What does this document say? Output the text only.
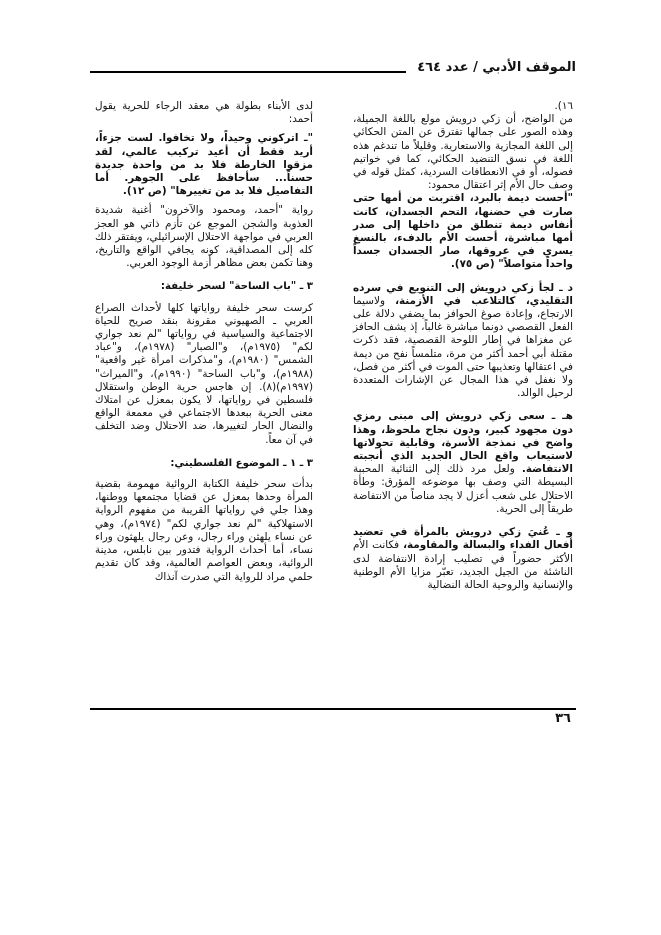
الموقف الأدبي / عدد ٤٦٤

١٦).

من الواضح، أن زكي درويش مولع باللغة الجميلة، وهذه الصور على جمالها تفترق عن المتن الحكائي إلى اللغة المجازية والاستعارية. وقليلاً ما تندغم هذه اللغة في نسق التنضيد الحكائي، كما في خواتيم فصوله، أو في الانعطافات السردية، كمثل قوله في وصف حال الأم إثر اعتقال محمود:

"أحست ديمة بالبرد، اقتربت من أمها حتى صارت في حضنها، التحم الجسدان، كانت أنفاس ديمة تنطلق من داخلها إلى صدر أمها مباشرة، أحست الأم بالدفء، بالنسغ يسري في عروقها، صار الجسدان جسداً واحداً متواصلاً" (ص ٧٥).

د ـ لجأ زكي درويش إلى التنويع في سرده التقليدي، كالتلاعب في الأزمنة، ولاسيما الارتجاع، وإعادة صوغ الحوافز بما يضفي دلالة على الفعل القصصي دونما مباشرة غالباً، إذ يشف الحافز عن مغزاها في إطار اللوحة القصصية، فقد ذكرت مقتلة أبي أحمد أكثر من مرة، متلمساً نفح من ديمة في اعتقالها وتعذيبها حتى الموت في أكثر من فصل، ولا نغفل في هذا المجال عن الإشارات المتعددة لرحيل الوالد.

هـ ـ سعى زكي درويش إلى مبنى رمزي دون مجهود كبير، ودون نجاح ملحوظ، وهذا واضح في نمذجة الأسرة، وقابلية تحولاتها لاستيعاب واقع الحال الجديد الذي أنجبته الانتفاضة. ولعل مرد ذلك إلى الثنائية المحببة البسيطة التي وصف بها موضوعه المؤرق: وطأة الاحتلال على شعب أعزل لا يجد مناصاً من الانتفاضة طريقاً إلى الحرية.

و ـ عُنيَ زكي درويش بالمرأة في تعضيد أفعال الفداء والبسالة والمقاومة، فكانت الأم الأكثر حضوراً في تصليب إرادة الانتفاضة لدى الناشئة من الجيل الجديد، تعبّر مزايا الأم الوطنية والإنسانية والروحية الحالة النضالية

لدى الأبناء بطولة هي معقد الرجاء للحرية يقول أحمد:

"ـ اتركوني وحيداً، ولا تخافوا. لست جزءاً، أريد فقط أن أعيد تركيب عالمي، لقد مزقوا الخارطة فلا بد من واحدة جديدة حسناً... سأحافظ على الجوهر. أما التفاصيل فلا بد من تغييرها" (ص ١٢).

رواية "أحمد، ومحمود والآخرون" أغنية شديدة العذوبة والشجن الموجع عن تأزم ذاتي هو العجز العربي في مواجهة الاحتلال الإسرائيلي، ويفتقر ذلك كله إلى المصداقية، كونه يجافي الواقع والتاريخ، وهنا تكمن بعض مظاهر أزمة الوجود العربي.

٣ ـ "باب الساحة" لسحر خليفة:

كرست سحر خليفة رواياتها كلها لأحداث الصراع العربي ـ الصهيوني مقرونة بنقد صريح للحياة الاجتماعية والسياسية في رواياتها "لم نعد جواري لكم" (١٩٧٥م)، و"الصبار" (١٩٧٨م)، و"عباد الشمس" (١٩٨٠م)، و"مذكرات امرأة غير واقعية" (١٩٨٨م)، و"باب الساحة" (١٩٩٠م)، و"الميراث" (١٩٩٧م)(٨). إن هاجس حرية الوطن واستقلال فلسطين في رواياتها، لا يكون بمعزل عن امتلاك معنى الحرية ببعدها الاجتماعي في معمعة الواقع والنضال الحار لتغييرها، ضد الاحتلال وضد التخلف في آن معاً.

٣ ـ ١ ـ الموضوع الفلسطيني:

بدأت سحر خليفة الكتابة الروائية مهمومة بقضية المرأة وحدها بمعزل عن قضايا مجتمعها ووطنها، وهذا جلي في رواياتها القريبة من مفهوم الرواية الاستهلاكية "لم نعد جواري لكم" (١٩٧٤م)، وهي عن نساء يلهثن وراء رجال، وعن رجال يلهثون وراء نساء، أما أحداث الرواية فتدور بين نابلس، مدينة الروائية، وبعض العواصم العالمية، وقد كان تقديم حلمي مراد للرواية التي صدرت آنذاك

٣٦
